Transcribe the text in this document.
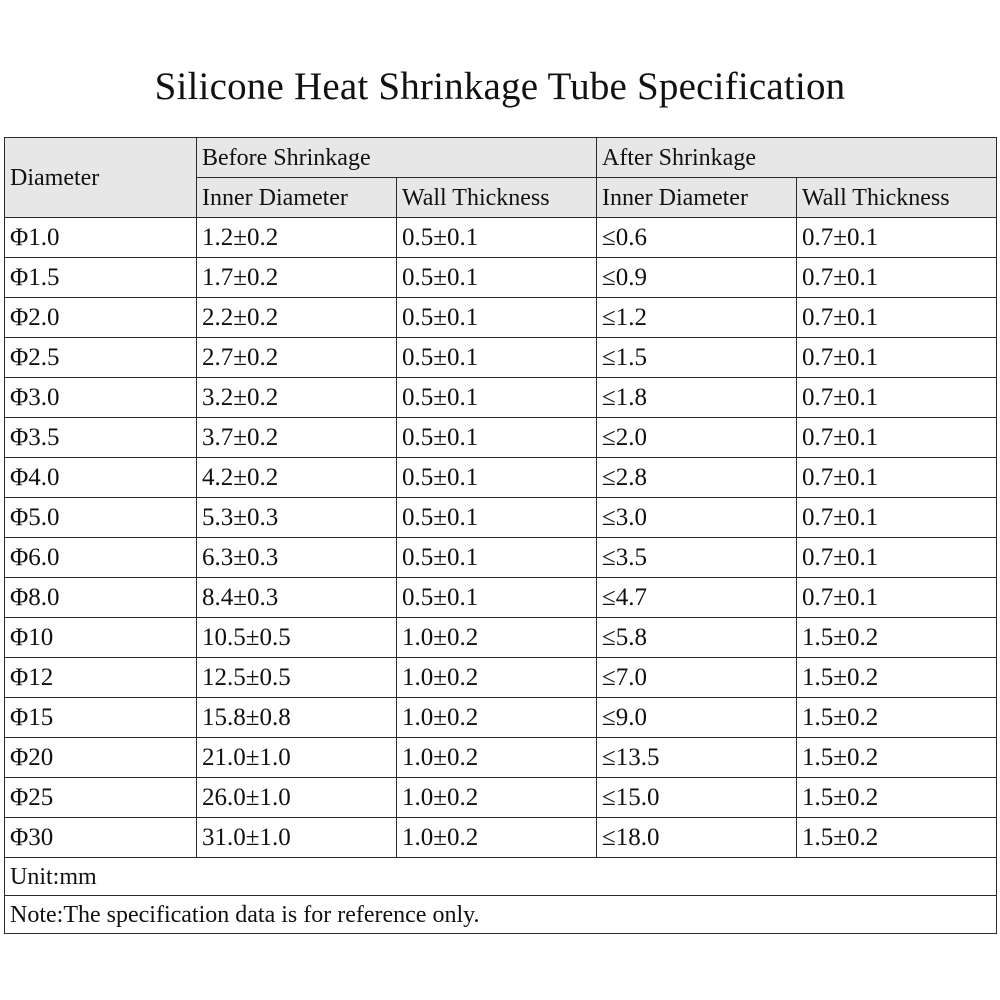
Silicone Heat Shrinkage Tube Specification
Diameter	Before Shrinkage		After Shrinkage	
	Inner Diameter	Wall Thickness	Inner Diameter	Wall Thickness
Φ1.0	1.2±0.2	0.5±0.1	≤0.6	0.7±0.1
Φ1.5	1.7±0.2	0.5±0.1	≤0.9	0.7±0.1
Φ2.0	2.2±0.2	0.5±0.1	≤1.2	0.7±0.1
Φ2.5	2.7±0.2	0.5±0.1	≤1.5	0.7±0.1
Φ3.0	3.2±0.2	0.5±0.1	≤1.8	0.7±0.1
Φ3.5	3.7±0.2	0.5±0.1	≤2.0	0.7±0.1
Φ4.0	4.2±0.2	0.5±0.1	≤2.8	0.7±0.1
Φ5.0	5.3±0.3	0.5±0.1	≤3.0	0.7±0.1
Φ6.0	6.3±0.3	0.5±0.1	≤3.5	0.7±0.1
Φ8.0	8.4±0.3	0.5±0.1	≤4.7	0.7±0.1
Φ10	10.5±0.5	1.0±0.2	≤5.8	1.5±0.2
Φ12	12.5±0.5	1.0±0.2	≤7.0	1.5±0.2
Φ15	15.8±0.8	1.0±0.2	≤9.0	1.5±0.2
Φ20	21.0±1.0	1.0±0.2	≤13.5	1.5±0.2
Φ25	26.0±1.0	1.0±0.2	≤15.0	1.5±0.2
Φ30	31.0±1.0	1.0±0.2	≤18.0	1.5±0.2
Unit:mm				
Note:The specification data is for reference only.				
